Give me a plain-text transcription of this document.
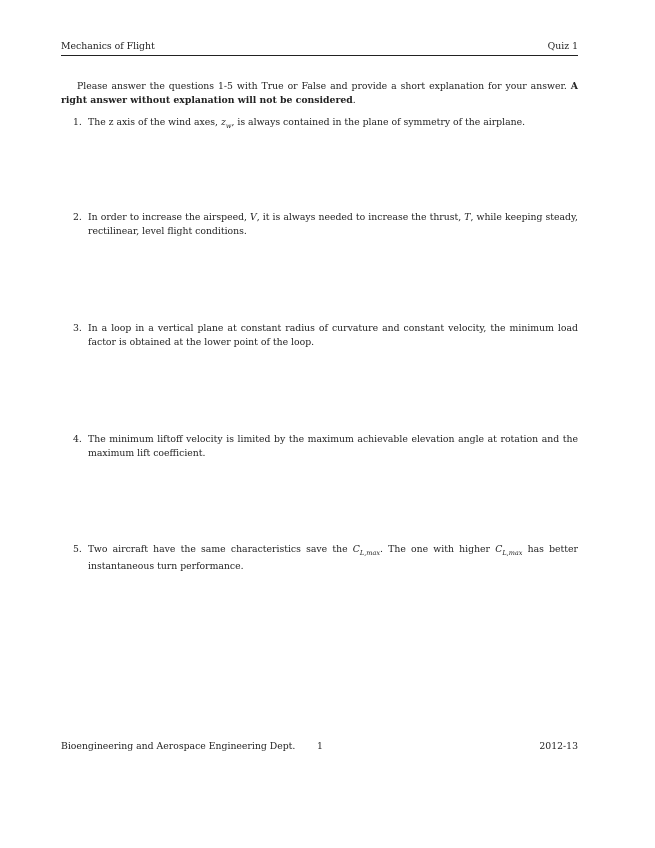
Mechanics of Flight	Quiz 1
Please answer the questions 1-5 with True or False and provide a short explanation for your answer. A right answer without explanation will not be considered.
1. The z axis of the wind axes, $z_w$, is always contained in the plane of symmetry of the airplane.
2. In order to increase the airspeed, V, it is always needed to increase the thrust, T, while keeping steady, rectilinear, level flight conditions.
3. In a loop in a vertical plane at constant radius of curvature and constant velocity, the minimum load factor is obtained at the lower point of the loop.
4. The minimum liftoff velocity is limited by the maximum achievable elevation angle at rotation and the maximum lift coefficient.
5. Two aircraft have the same characteristics save the $C_{L,max}$. The one with higher $C_{L,max}$ has better instantaneous turn performance.
Bioengineering and Aerospace Engineering Dept. 1	2012-13
